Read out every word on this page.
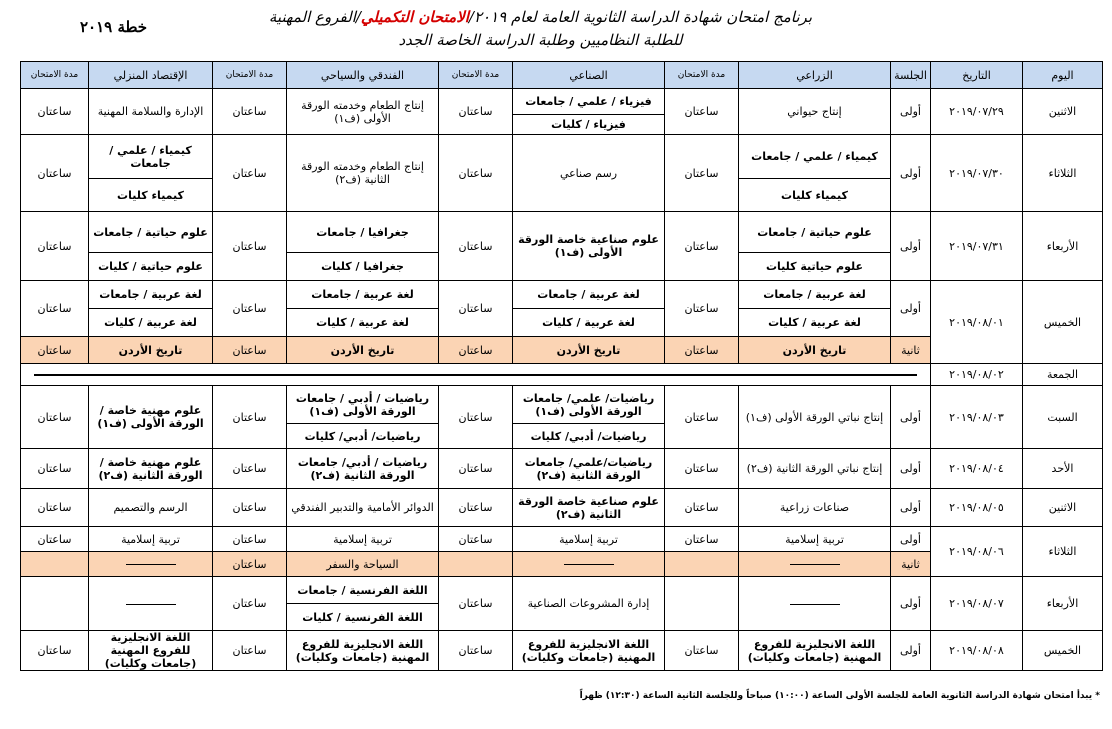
خطة ٢٠١٩
برنامج امتحان شهادة الدراسة الثانوية العامة لعام ٢٠١٩/الامتحان التكميلي/الفروع المهنية
للطلبة النظاميين وطلبة الدراسة الخاصة الجدد
اليوم	التاريخ	الجلسة	الزراعي	مدة الامتحان	الصناعي	مدة الامتحان	الفندقي والسياحي	مدة الامتحان	الإقتصاد المنزلي	مدة الامتحان
الاثنين	٢٠١٩/٠٧/٢٩	أولى	إنتاج حيواني	ساعتان	فيزياء / علمي / جامعات	ساعتان	إنتاج الطعام وخدمته الورقة الأولى (ف١)	ساعتان	الإدارة والسلامة المهنية	ساعتان
					فيزياء / كليات					
الثلاثاء	٢٠١٩/٠٧/٣٠	أولى	كيمياء / علمي / جامعات	ساعتان	رسم صناعي	ساعتان	إنتاج الطعام وخدمته الورقة الثانية (ف٢)	ساعتان	كيمياء / علمي / جامعات	ساعتان
			كيمياء كليات						كيمياء كليات	
الأربعاء	٢٠١٩/٠٧/٣١	أولى	علوم حياتية / جامعات	ساعتان	علوم صناعية خاصة الورقة الأولى (ف١)	ساعتان	جغرافيا / جامعات	ساعتان	علوم حياتية / جامعات	ساعتان
			علوم حياتية كليات				جغرافيا / كليات		علوم حياتية / كليات	
الخميس	٢٠١٩/٠٨/٠١	أولى	لغة عربية / جامعات	ساعتان	لغة عربية / جامعات	ساعتان	لغة عربية / جامعات	ساعتان	لغة عربية / جامعات	ساعتان
			لغة عربية / كليات		لغة عربية / كليات		لغة عربية / كليات		لغة عربية / كليات	
		ثانية	تاريخ الأردن	ساعتان	تاريخ الأردن	ساعتان	تاريخ الأردن	ساعتان	تاريخ الأردن	ساعتان
الجمعة	٢٠١٩/٠٨/٠٢									

السبت	٢٠١٩/٠٨/٠٣	أولى	إنتاج نباتي الورقة الأولى (ف١)	ساعتان	رياضيات/ علمي/ جامعات الورقة الأولى (ف١)	ساعتان	رياضيات / أدبي / جامعات الورقة الأولى (ف١)	ساعتان	علوم مهنية خاصة / الورقة الأولى (ف١)	ساعتان
					رياضيات/ أدبي/ كليات		رياضيات/ أدبي/ كليات			
الأحد	٢٠١٩/٠٨/٠٤	أولى	إنتاج نباتي الورقة الثانية (ف٢)	ساعتان	رياضيات/علمي/ جامعات الورقة الثانية (ف٢)	ساعتان	رياضيات / أدبي/ جامعات الورقة الثانية (ف٢)	ساعتان	علوم مهنية خاصة / الورقة الثانية (ف٢)	ساعتان
الاثنين	٢٠١٩/٠٨/٠٥	أولى	صناعات زراعية	ساعتان	علوم صناعية خاصة الورقة الثانية (ف٢)	ساعتان	الدوائر الأمامية والتدبير الفندقي	ساعتان	الرسم والتصميم	ساعتان
الثلاثاء	٢٠١٩/٠٨/٠٦	أولى	تربية إسلامية	ساعتان	تربية إسلامية	ساعتان	تربية إسلامية	ساعتان	تربية إسلامية	ساعتان
		ثانية					السياحة والسفر	ساعتان		
الأربعاء	٢٠١٩/٠٨/٠٧	أولى			إدارة المشروعات الصناعية	ساعتان	اللغة الفرنسية / جامعات	ساعتان		
							اللغة الفرنسية / كليات			
الخميس	٢٠١٩/٠٨/٠٨	أولى	اللغة الانجليزية للفروع المهنية (جامعات وكليات)	ساعتان	اللغة الانجليزية للفروع المهنية (جامعات وكليات)	ساعتان	اللغة الانجليزية للفروع المهنية (جامعات وكليات)	ساعتان	اللغة الانجليزية للفروع المهنية (جامعات وكليات)	ساعتان
* يبدأ امتحان شهادة الدراسة الثانوية العامة للجلسة الأولى الساعة (١٠:٠٠) صباحاً وللجلسة الثانية الساعة (١٢:٣٠) ظهراً
